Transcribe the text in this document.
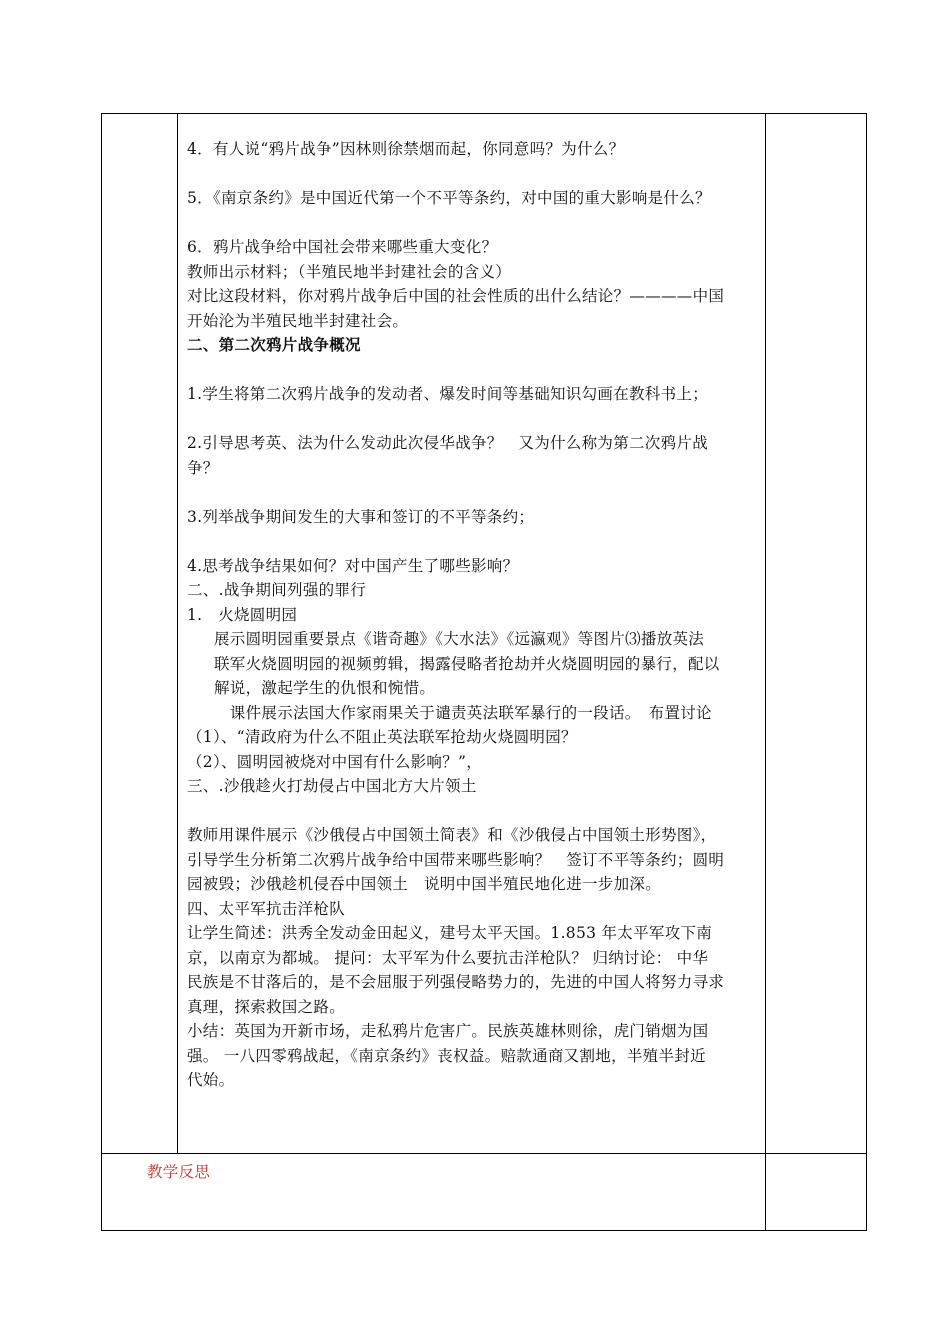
4．有人说“鸦片战争”因林则徐禁烟而起，你同意吗？为什么？

5．《南京条约》是中国近代第一个不平等条约，对中国的重大影响是什么？

6．鸦片战争给中国社会带来哪些重大变化？

教师出示材料；（半殖民地半封建社会的含义）

对比这段材料，你对鸦片战争后中国的社会性质的出什么结论？————中国

开始沦为半殖民地半封建社会。

二、第二次鸦片战争概况

1.学生将第二次鸦片战争的发动者、爆发时间等基础知识勾画在教科书上；

2.引导思考英、法为什么发动此次侵华战争？　又为什么称为第二次鸦片战

争？

3.列举战争期间发生的大事和签订的不平等条约；

4.思考战争结果如何？对中国产生了哪些影响？

二、.战争期间列强的罪行

1.　火烧圆明园

展示圆明园重要景点《谐奇趣》《大水法》《远瀛观》等图片⑶播放英法

联军火烧圆明园的视频剪辑，揭露侵略者抢劫并火烧圆明园的暴行，配以

解说，激起学生的仇恨和惋惜。

　课件展示法国大作家雨果关于谴责英法联军暴行的一段话。　布置讨论

（1）、“清政府为什么不阻止英法联军抢劫火烧圆明园？

（2）、圆明园被烧对中国有什么影响？”，

三、.沙俄趁火打劫侵占中国北方大片领土

教师用课件展示《沙俄侵占中国领土简表》和《沙俄侵占中国领土形势图》，

引导学生分析第二次鸦片战争给中国带来哪些影响？　签订不平等条约；圆明

园被毁；沙俄趁机侵吞中国领土　说明中国半殖民地化进一步加深。

四、太平军抗击洋枪队

让学生简述：洪秀全发动金田起义，建号太平天国。1.853 年太平军攻下南

京，以南京为都城。 提问：太平军为什么要抗击洋枪队？ 归纳讨论： 中华

民族是不甘落后的，是不会屈服于列强侵略势力的，先进的中国人将努力寻求

真理，探索救国之路。

小结：英国为开新市场，走私鸦片危害广。民族英雄林则徐，虎门销烟为国

强。 一八四零鸦战起，《南京条约》丧权益。赔款通商又割地，半殖半封近

代始。

教学反思
